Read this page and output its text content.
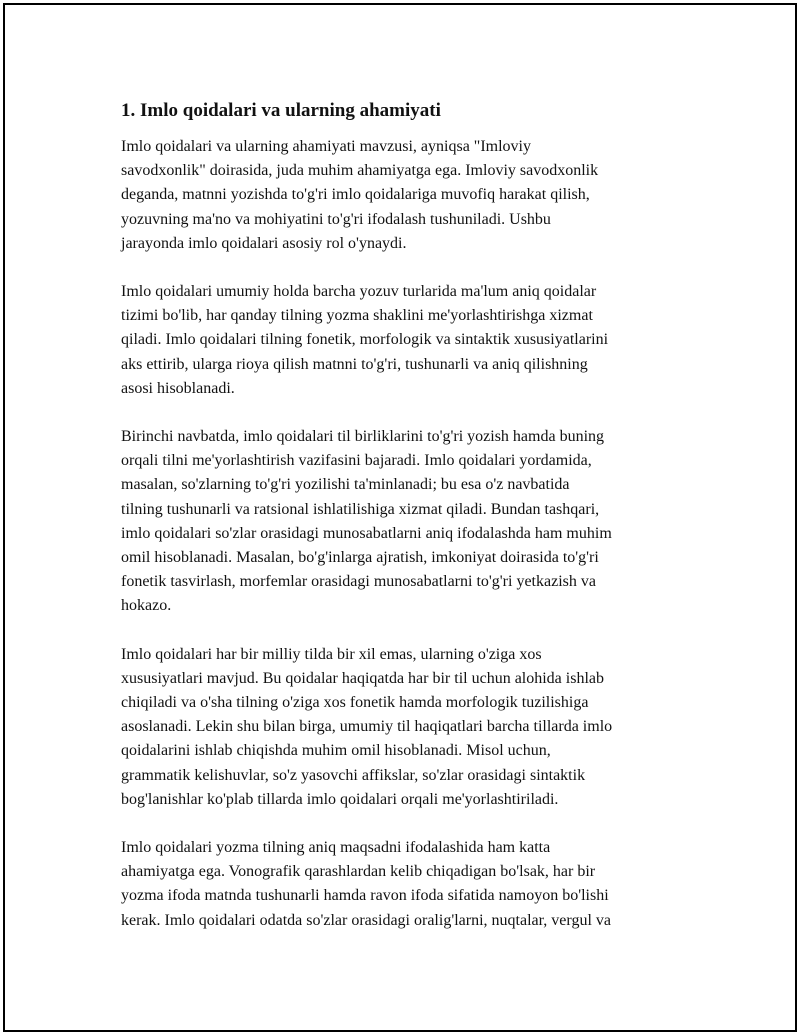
1. Imlo qoidalari va ularning ahamiyati

Imlo qoidalari va ularning ahamiyati mavzusi, ayniqsa "Imloviy
savodxonlik" doirasida, juda muhim ahamiyatga ega. Imloviy savodxonlik
deganda, matnni yozishda to'g'ri imlo qoidalariga muvofiq harakat qilish,
yozuvning ma'no va mohiyatini to'g'ri ifodalash tushuniladi. Ushbu
jarayonda imlo qoidalari asosiy rol o'ynaydi.

Imlo qoidalari umumiy holda barcha yozuv turlarida ma'lum aniq qoidalar
tizimi bo'lib, har qanday tilning yozma shaklini me'yorlashtirishga xizmat
qiladi. Imlo qoidalari tilning fonetik, morfologik va sintaktik xususiyatlarini
aks ettirib, ularga rioya qilish matnni to'g'ri, tushunarli va aniq qilishning
asosi hisoblanadi.

Birinchi navbatda, imlo qoidalari til birliklarini to'g'ri yozish hamda buning
orqali tilni me'yorlashtirish vazifasini bajaradi. Imlo qoidalari yordamida,
masalan, so'zlarning to'g'ri yozilishi ta'minlanadi; bu esa o'z navbatida
tilning tushunarli va ratsional ishlatilishiga xizmat qiladi. Bundan tashqari,
imlo qoidalari so'zlar orasidagi munosabatlarni aniq ifodalashda ham muhim
omil hisoblanadi. Masalan, bo'g'inlarga ajratish, imkoniyat doirasida to'g'ri
fonetik tasvirlash, morfemlar orasidagi munosabatlarni to'g'ri yetkazish va
hokazo.

Imlo qoidalari har bir milliy tilda bir xil emas, ularning o'ziga xos
xususiyatlari mavjud. Bu qoidalar haqiqatda har bir til uchun alohida ishlab
chiqiladi va o'sha tilning o'ziga xos fonetik hamda morfologik tuzilishiga
asoslanadi. Lekin shu bilan birga, umumiy til haqiqatlari barcha tillarda imlo
qoidalarini ishlab chiqishda muhim omil hisoblanadi. Misol uchun,
grammatik kelishuvlar, so'z yasovchi affikslar, so'zlar orasidagi sintaktik
bog'lanishlar ko'plab tillarda imlo qoidalari orqali me'yorlashtiriladi.

Imlo qoidalari yozma tilning aniq maqsadni ifodalashida ham katta
ahamiyatga ega. Vonografik qarashlardan kelib chiqadigan bo'lsak, har bir
yozma ifoda matnda tushunarli hamda ravon ifoda sifatida namoyon bo'lishi
kerak. Imlo qoidalari odatda so'zlar orasidagi oralig'larni, nuqtalar, vergul va
